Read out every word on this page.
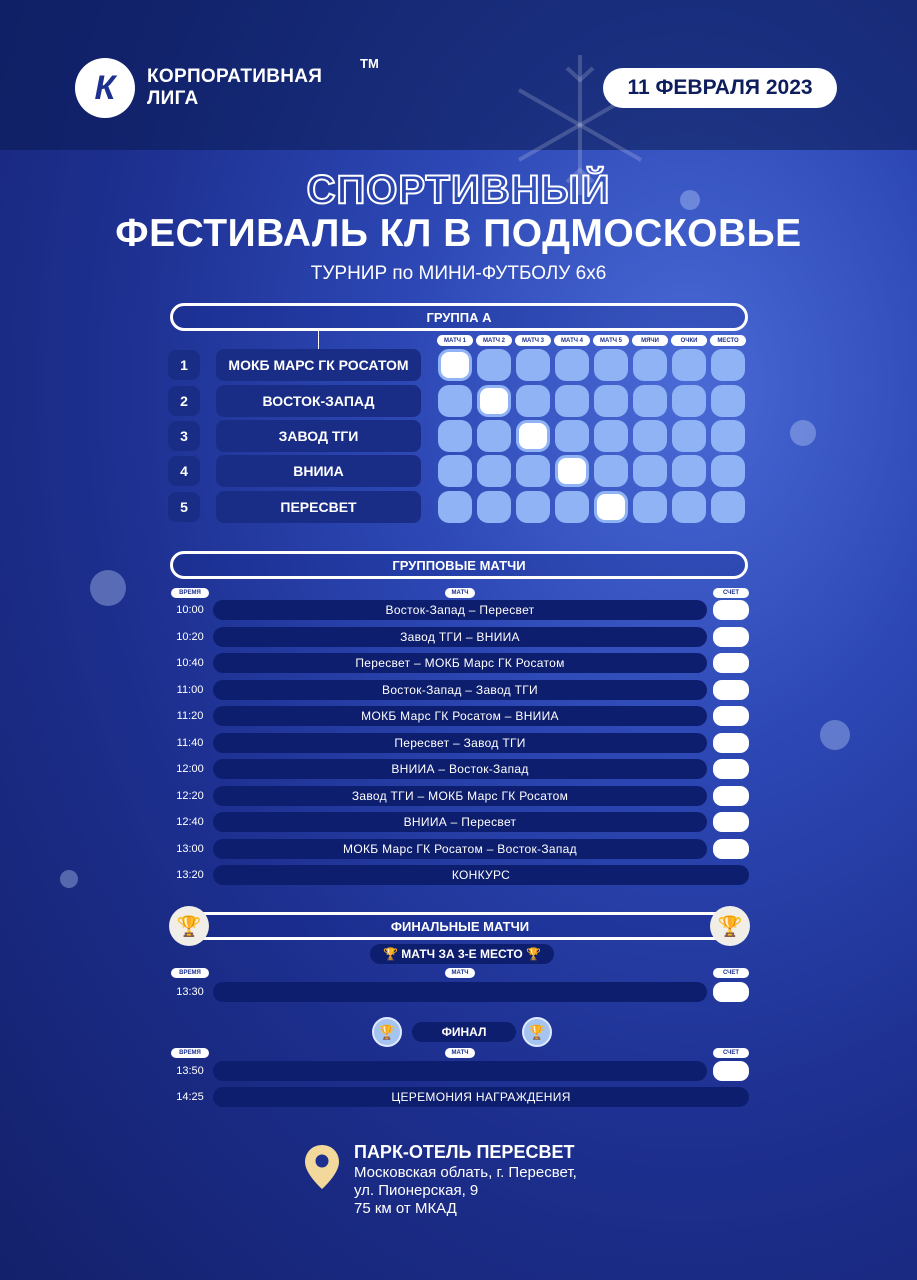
К	КОРПОРАТИВНАЯ
ЛИГА
TM
11 ФЕВРАЛЯ 2023
СПОРТИВНЫЙ
ФЕСТИВАЛЬ КЛ В ПОДМОСКОВЬЕ
ТУРНИР по МИНИ-ФУТБОЛУ 6х6
ГРУППА А
МАТЧ 1	МАТЧ 2	МАТЧ 3	МАТЧ 4	МАТЧ 5	МЯЧИ	ОЧКИ	МЕСТО
1	МОКБ МАРС ГК РОСАТОМ
2	ВОСТОК-ЗАПАД
3	ЗАВОД ТГИ
4	ВНИИА
5	ПЕРЕСВЕТ
ГРУППОВЫЕ МАТЧИ
ВРЕМЯ	МАТЧ	СЧЕТ
10:00	Восток-Запад – Пересвет
10:20	Завод ТГИ – ВНИИА
10:40	Пересвет – МОКБ Марс ГК Росатом
11:00	Восток-Запад – Завод ТГИ
11:20	МОКБ Марс ГК Росатом – ВНИИА
11:40	Пересвет – Завод ТГИ
12:00	ВНИИА – Восток-Запад
12:20	Завод ТГИ – МОКБ Марс ГК Росатом
12:40	ВНИИА – Пересвет
13:00	МОКБ Марс ГК Росатом – Восток-Запад
13:20	КОНКУРС
ФИНАЛЬНЫЕ МАТЧИ
🏆	🏆
🏆 МАТЧ ЗА 3-Е МЕСТО 🏆
ВРЕМЯ	МАТЧ	СЧЕТ
13:30
🏆	ФИНАЛ	🏆
ВРЕМЯ	МАТЧ	СЧЕТ
13:50
14:25	ЦЕРЕМОНИЯ НАГРАЖДЕНИЯ
ПАРК-ОТЕЛЬ ПЕРЕСВЕТ
Московская облать, г. Пересвет,
ул. Пионерская, 9
75 км от МКАД
